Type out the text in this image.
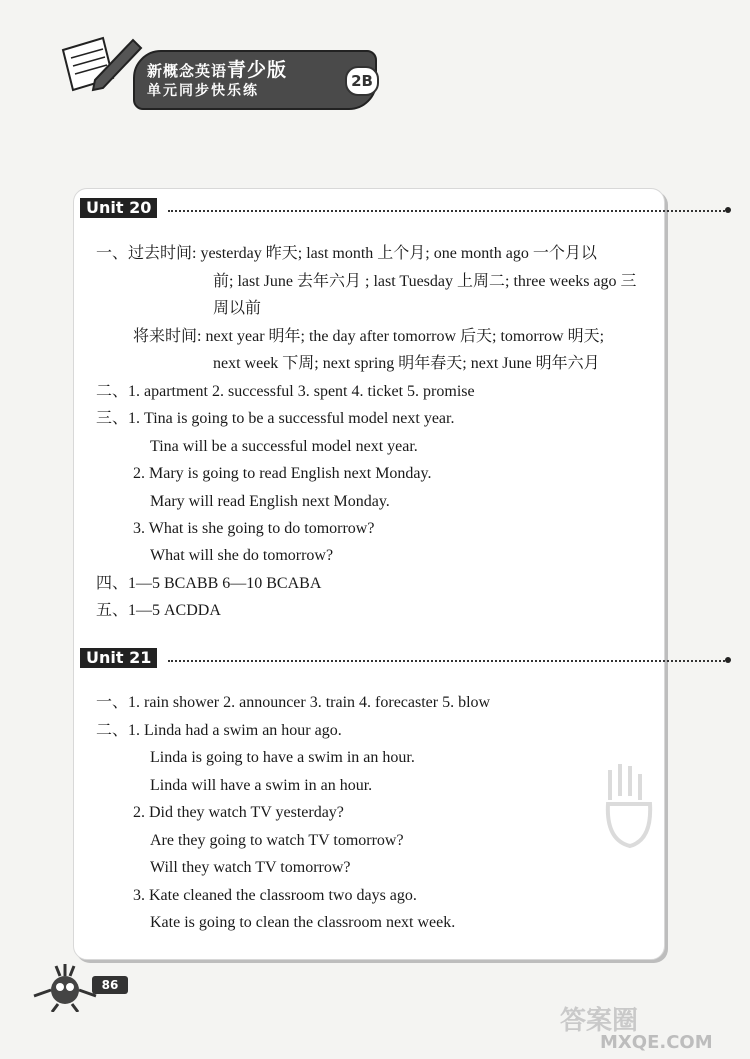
新概念英语青少版
单元同步快乐练
2B
Unit 20
一、过去时间: yesterday 昨天; last month 上个月; one month ago 一个月以
前; last June 去年六月 ; last Tuesday 上周二; three weeks ago 三
周以前
将来时间: next year 明年; the day after tomorrow 后天; tomorrow 明天;
next week 下周; next spring 明年春天; next June 明年六月
二、1. apartment 2. successful 3. spent 4. ticket 5. promise
三、1. Tina is going to be a successful model next year.
Tina will be a successful model next year.
2. Mary is going to read English next Monday.
Mary will read English next Monday.
3. What is she going to do tomorrow?
What will she do tomorrow?
四、1—5 BCABB 6—10 BCABA
五、1—5 ACDDA
Unit 21
一、1. rain shower 2. announcer 3. train 4. forecaster 5. blow
二、1. Linda had a swim an hour ago.
Linda is going to have a swim in an hour.
Linda will have a swim in an hour.
2. Did they watch TV yesterday?
Are they going to watch TV tomorrow?
Will they watch TV tomorrow?
3. Kate cleaned the classroom two days ago.
Kate is going to clean the classroom next week.
86
答案圈
MXQE.COM
